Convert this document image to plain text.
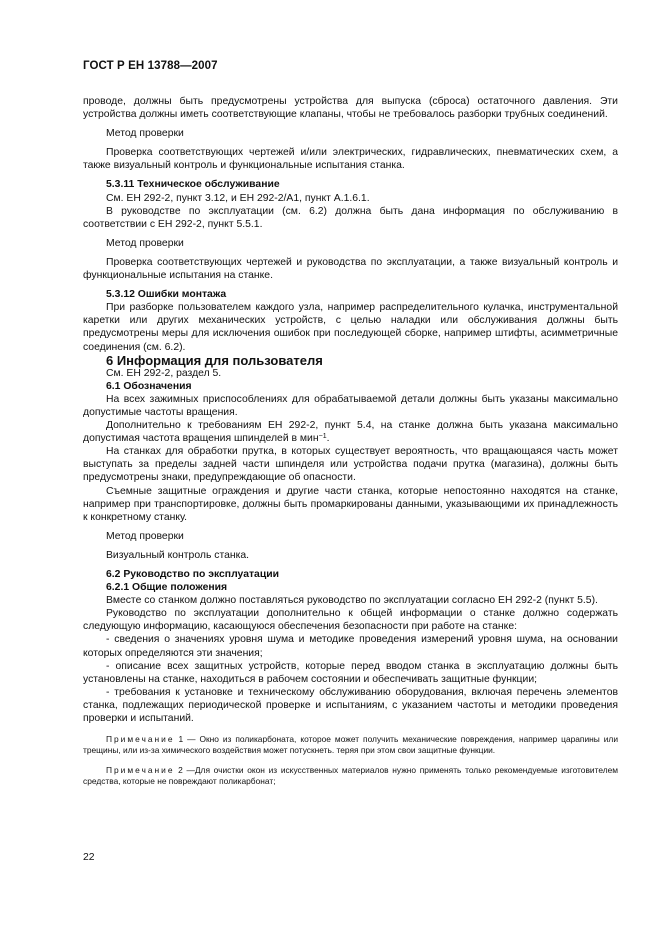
ГОСТ Р ЕН 13788—2007

проводе, должны быть предусмотрены устройства для выпуска (сброса) остаточного давления. Эти устройства должны иметь соответствующие клапаны, чтобы не требовалось разборки трубных соединений.

Метод проверки

Проверка соответствующих чертежей и/или электрических, гидравлических, пневматических схем, а также визуальный контроль и функциональные испытания станка.

5.3.11 Техническое обслуживание

См. ЕН 292-2, пункт 3.12, и ЕН 292-2/А1, пункт А.1.6.1.

В руководстве по эксплуатации (см. 6.2) должна быть дана информация по обслуживанию в соответствии с ЕН 292-2, пункт 5.5.1.

Метод проверки

Проверка соответствующих чертежей и руководства по эксплуатации, а также визуальный контроль и функциональные испытания на станке.

5.3.12 Ошибки монтажа

При разборке пользователем каждого узла, например распределительного кулачка, инструментальной каретки или других механических устройств, с целью наладки или обслуживания должны быть предусмотрены меры для исключения ошибок при последующей сборке, например штифты, асимметричные соединения (см. 6.2).

6 Информация для пользователя

См. ЕН 292-2, раздел 5.

6.1 Обозначения

На всех зажимных приспособлениях для обрабатываемой детали должны быть указаны максимально допустимые частоты вращения.

Дополнительно к требованиям ЕН 292-2, пункт 5.4, на станке должна быть указана максимально допустимая частота вращения шпинделей в мин$^{-1}$.

На станках для обработки прутка, в которых существует вероятность, что вращающаяся часть может выступать за пределы задней части шпинделя или устройства подачи прутка (магазина), должны быть предусмотрены знаки, предупреждающие об опасности.

Съемные защитные ограждения и другие части станка, которые непостоянно находятся на станке, например при транспортировке, должны быть промаркированы данными, указывающими их принадлежность к конкретному станку.

Метод проверки

Визуальный контроль станка.

6.2 Руководство по эксплуатации

6.2.1 Общие положения

Вместе со станком должно поставляться руководство по эксплуатации согласно ЕН 292-2 (пункт 5.5).

Руководство по эксплуатации дополнительно к общей информации о станке должно содержать следующую информацию, касающуюся обеспечения безопасности при работе на станке:

- сведения о значениях уровня шума и методике проведения измерений уровня шума, на основании которых определяются эти значения;

- описание всех защитных устройств, которые перед вводом станка в эксплуатацию должны быть установлены на станке, находиться в рабочем состоянии и обеспечивать защитные функции;

- требования к установке и техническому обслуживанию оборудования, включая перечень элементов станка, подлежащих периодической проверке и испытаниям, с указанием частоты и методики проведения проверки и испытаний.

Примечание 1 — Окно из поликарбоната, которое может получить механические повреждения, например царапины или трещины, или из-за химического воздействия может потускнеть. теряя при этом свои защитные функции.

Примечание 2 —Для очистки окон из искусственных материалов нужно применять только рекомендуемые изготовителем средства, которые не повреждают поликарбонат;

22
